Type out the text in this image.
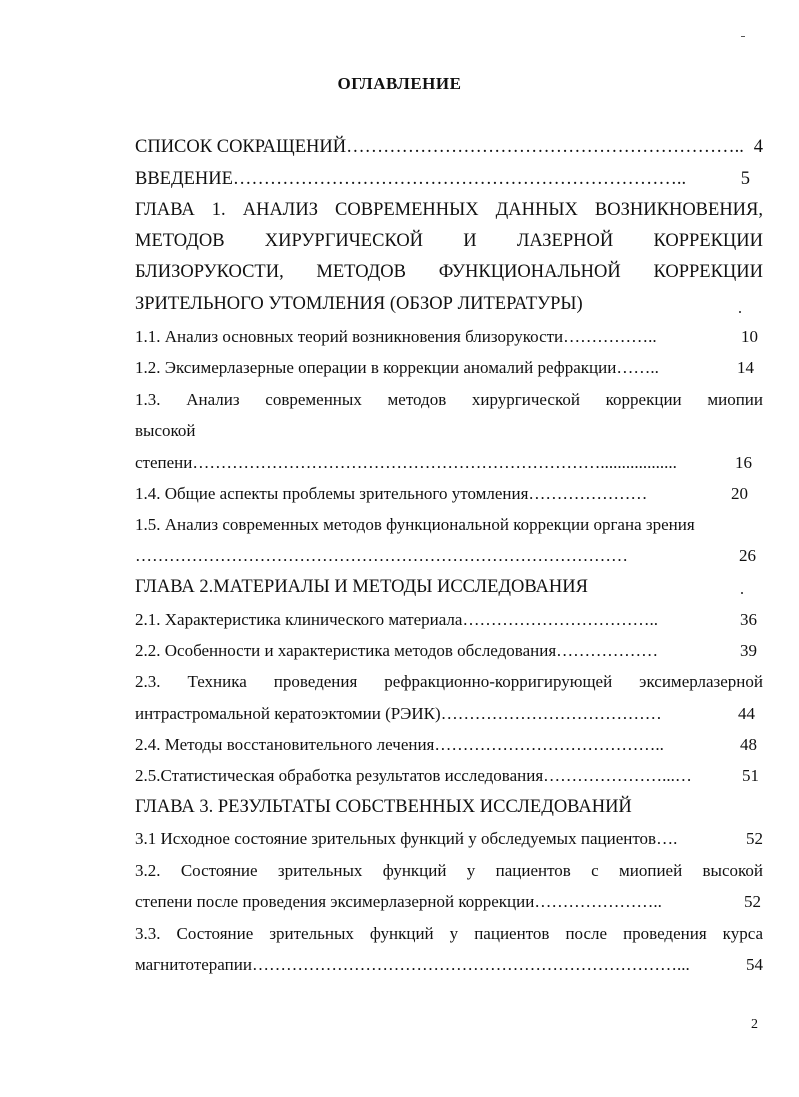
ОГЛАВЛЕНИЕ
СПИСОК СОКРАЩЕНИЙ ……………………………………………………….. 4
ВВЕДЕНИЕ ………………………………………………………………..	5
ГЛАВА 1. АНАЛИЗ СОВРЕМЕННЫХ ДАННЫХ ВОЗНИКНОВЕНИЯ,
МЕТОДОВ ХИРУРГИЧЕСКОЙ И ЛАЗЕРНОЙ КОРРЕКЦИИ
БЛИЗОРУКОСТИ, МЕТОДОВ ФУНКЦИОНАЛЬНОЙ КОРРЕКЦИИ
ЗРИТЕЛЬНОГО УТОМЛЕНИЯ (ОБЗОР ЛИТЕРАТУРЫ)
1.1. Анализ основных теорий возникновения близорукости ……………..	10
1.2. Эксимерлазерные операции в коррекции аномалий рефракции ……..	14
1.3. Анализ современных методов хирургической коррекции миопии
высокой
степени ………………………………………………………………..................	16
1.4. Общие аспекты проблемы зрительного утомления …………………	20
1.5. Анализ современных методов функциональной коррекции органа зрения
……………………………………………………………………………	26
ГЛАВА 2.МАТЕРИАЛЫ И МЕТОДЫ ИССЛЕДОВАНИЯ
2.1. Характеристика клинического материала ……………………………..	36
2.2. Особенности и характеристика методов обследования ………………	39
2.3. Техника проведения рефракционно-корригирующей эксимерлазерной
интрастромальной кератоэктомии (РЭИК) …………………………………	44
2.4. Методы восстановительного лечения …………………………………..	48
2.5.Статистическая обработка результатов исследования …………………...…	51
ГЛАВА 3. РЕЗУЛЬТАТЫ СОБСТВЕННЫХ ИССЛЕДОВАНИЙ
3.1 Исходное состояние зрительных функций у обследуемых пациентов ….	52
3.2. Состояние зрительных функций у пациентов с миопией высокой
степени после проведения эксимерлазерной коррекции …………………..	52
3.3. Состояние зрительных функций у пациентов после проведения курса
магнитотерапии …………………………………………………………………...	54
2
